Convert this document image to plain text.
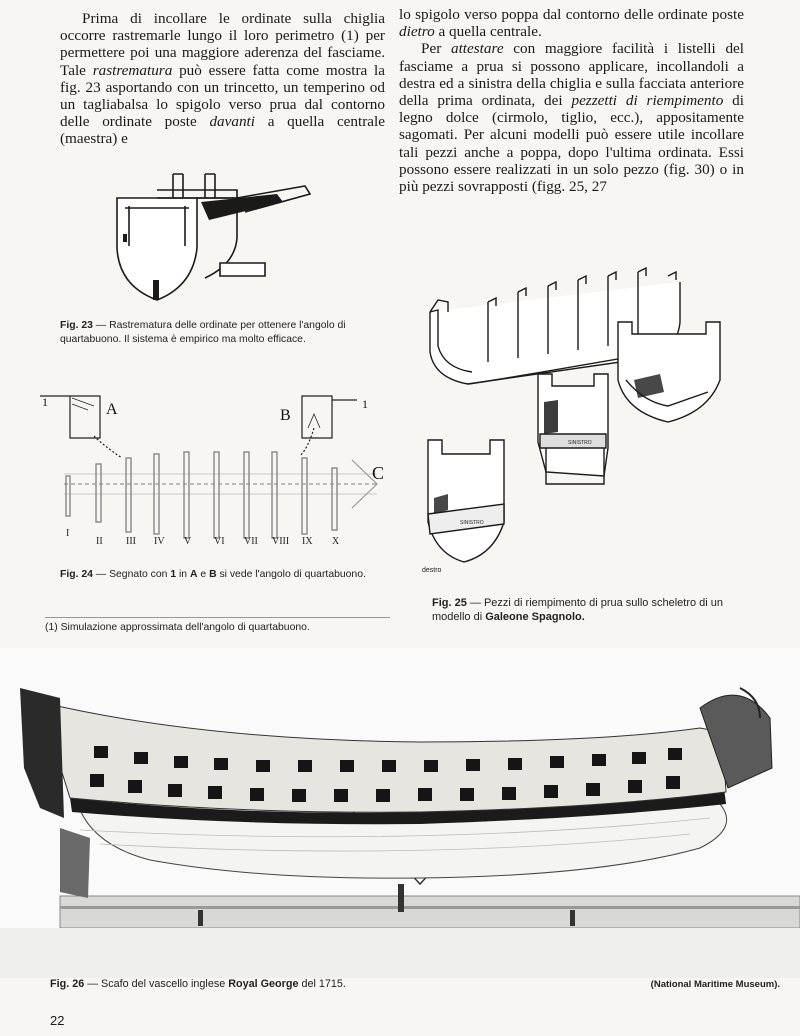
Prima di incollare le ordinate sulla chiglia occorre rastremarle lungo il loro perimetro (1) per permettere poi una maggiore aderenza del fasciame. Tale rastrematura può essere fatta come mostra la fig. 23 asportando con un trincetto, un temperino od un tagliabalsa lo spigolo verso prua dal contorno delle ordinate poste davanti a quella centrale (maestra) e

lo spigolo verso poppa dal contorno delle ordinate poste dietro a quella centrale.

Per attestare con maggiore facilità i listelli del fasciame a prua si possono applicare, incollandoli a destra ed a sinistra della chiglia e sulla facciata anteriore della prima ordinata, dei pezzetti di riempimento di legno dolce (cirmolo, tiglio, ecc.), appositamente sagomati. Per alcuni modelli può essere utile incollare tali pezzi anche a poppa, dopo l'ultima ordinata. Essi possono essere realizzati in un solo pezzo (fig. 30) o in più pezzi sovrapposti (figg. 25, 27

Fig. 23 — Rastrematura delle ordinate per ottenere l'angolo di quartabuono. Il sistema è empirico ma molto efficace.
1	A	B
1
C
I
II III IV V VI VII VIII IX X
Fig. 24 — Segnato con 1 in A e B si vede l'angolo di quartabuono.
(1) Simulazione approssimata dell'angolo di quartabuono.
SINISTRO
SINISTRO
destro
Fig. 25 — Pezzi di riempimento di prua sullo scheletro di un modello di Galeone Spagnolo.
Fig. 26 — Scafo del vascello inglese Royal George del 1715.	(National Maritime Museum).
22
